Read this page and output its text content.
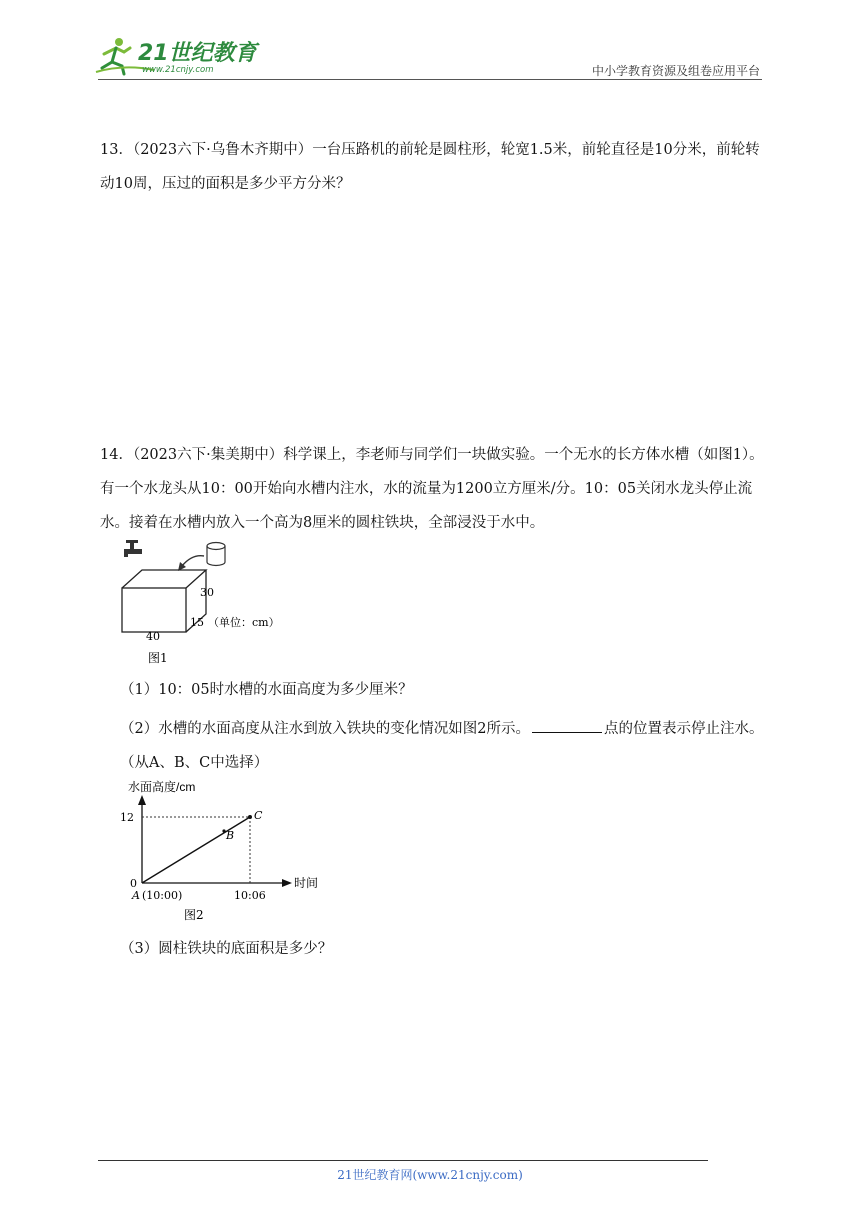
21世纪教育
www.21cnjy.com	中小学教育资源及组卷应用平台
13．（2023六下·乌鲁木齐期中）一台压路机的前轮是圆柱形，轮宽1.5米，前轮直径是10分米，前轮转动10周，压过的面积是多少平方分米？
14．（2023六下·集美期中）科学课上，李老师与同学们一块做实验。一个无水的长方体水槽（如图1）。有一个水龙头从10：00开始向水槽内注水，水的流量为1200立方厘米/分。10：05关闭水龙头停止流水。接着在水槽内放入一个高为8厘米的圆柱铁块，全部浸没于水中。
30
15
40
（单位：cm）
图1
（1）10：05时水槽的水面高度为多少厘米？
（2）水槽的水面高度从注水到放入铁块的变化情况如图2所示。	点的位置表示停止注水。（从A、B、C中选择）
水面高度/cm
时间
12
0
C
B
A (10:00)	10:06
图2
（3）圆柱铁块的底面积是多少？
21世纪教育网(www.21cnjy.com)
